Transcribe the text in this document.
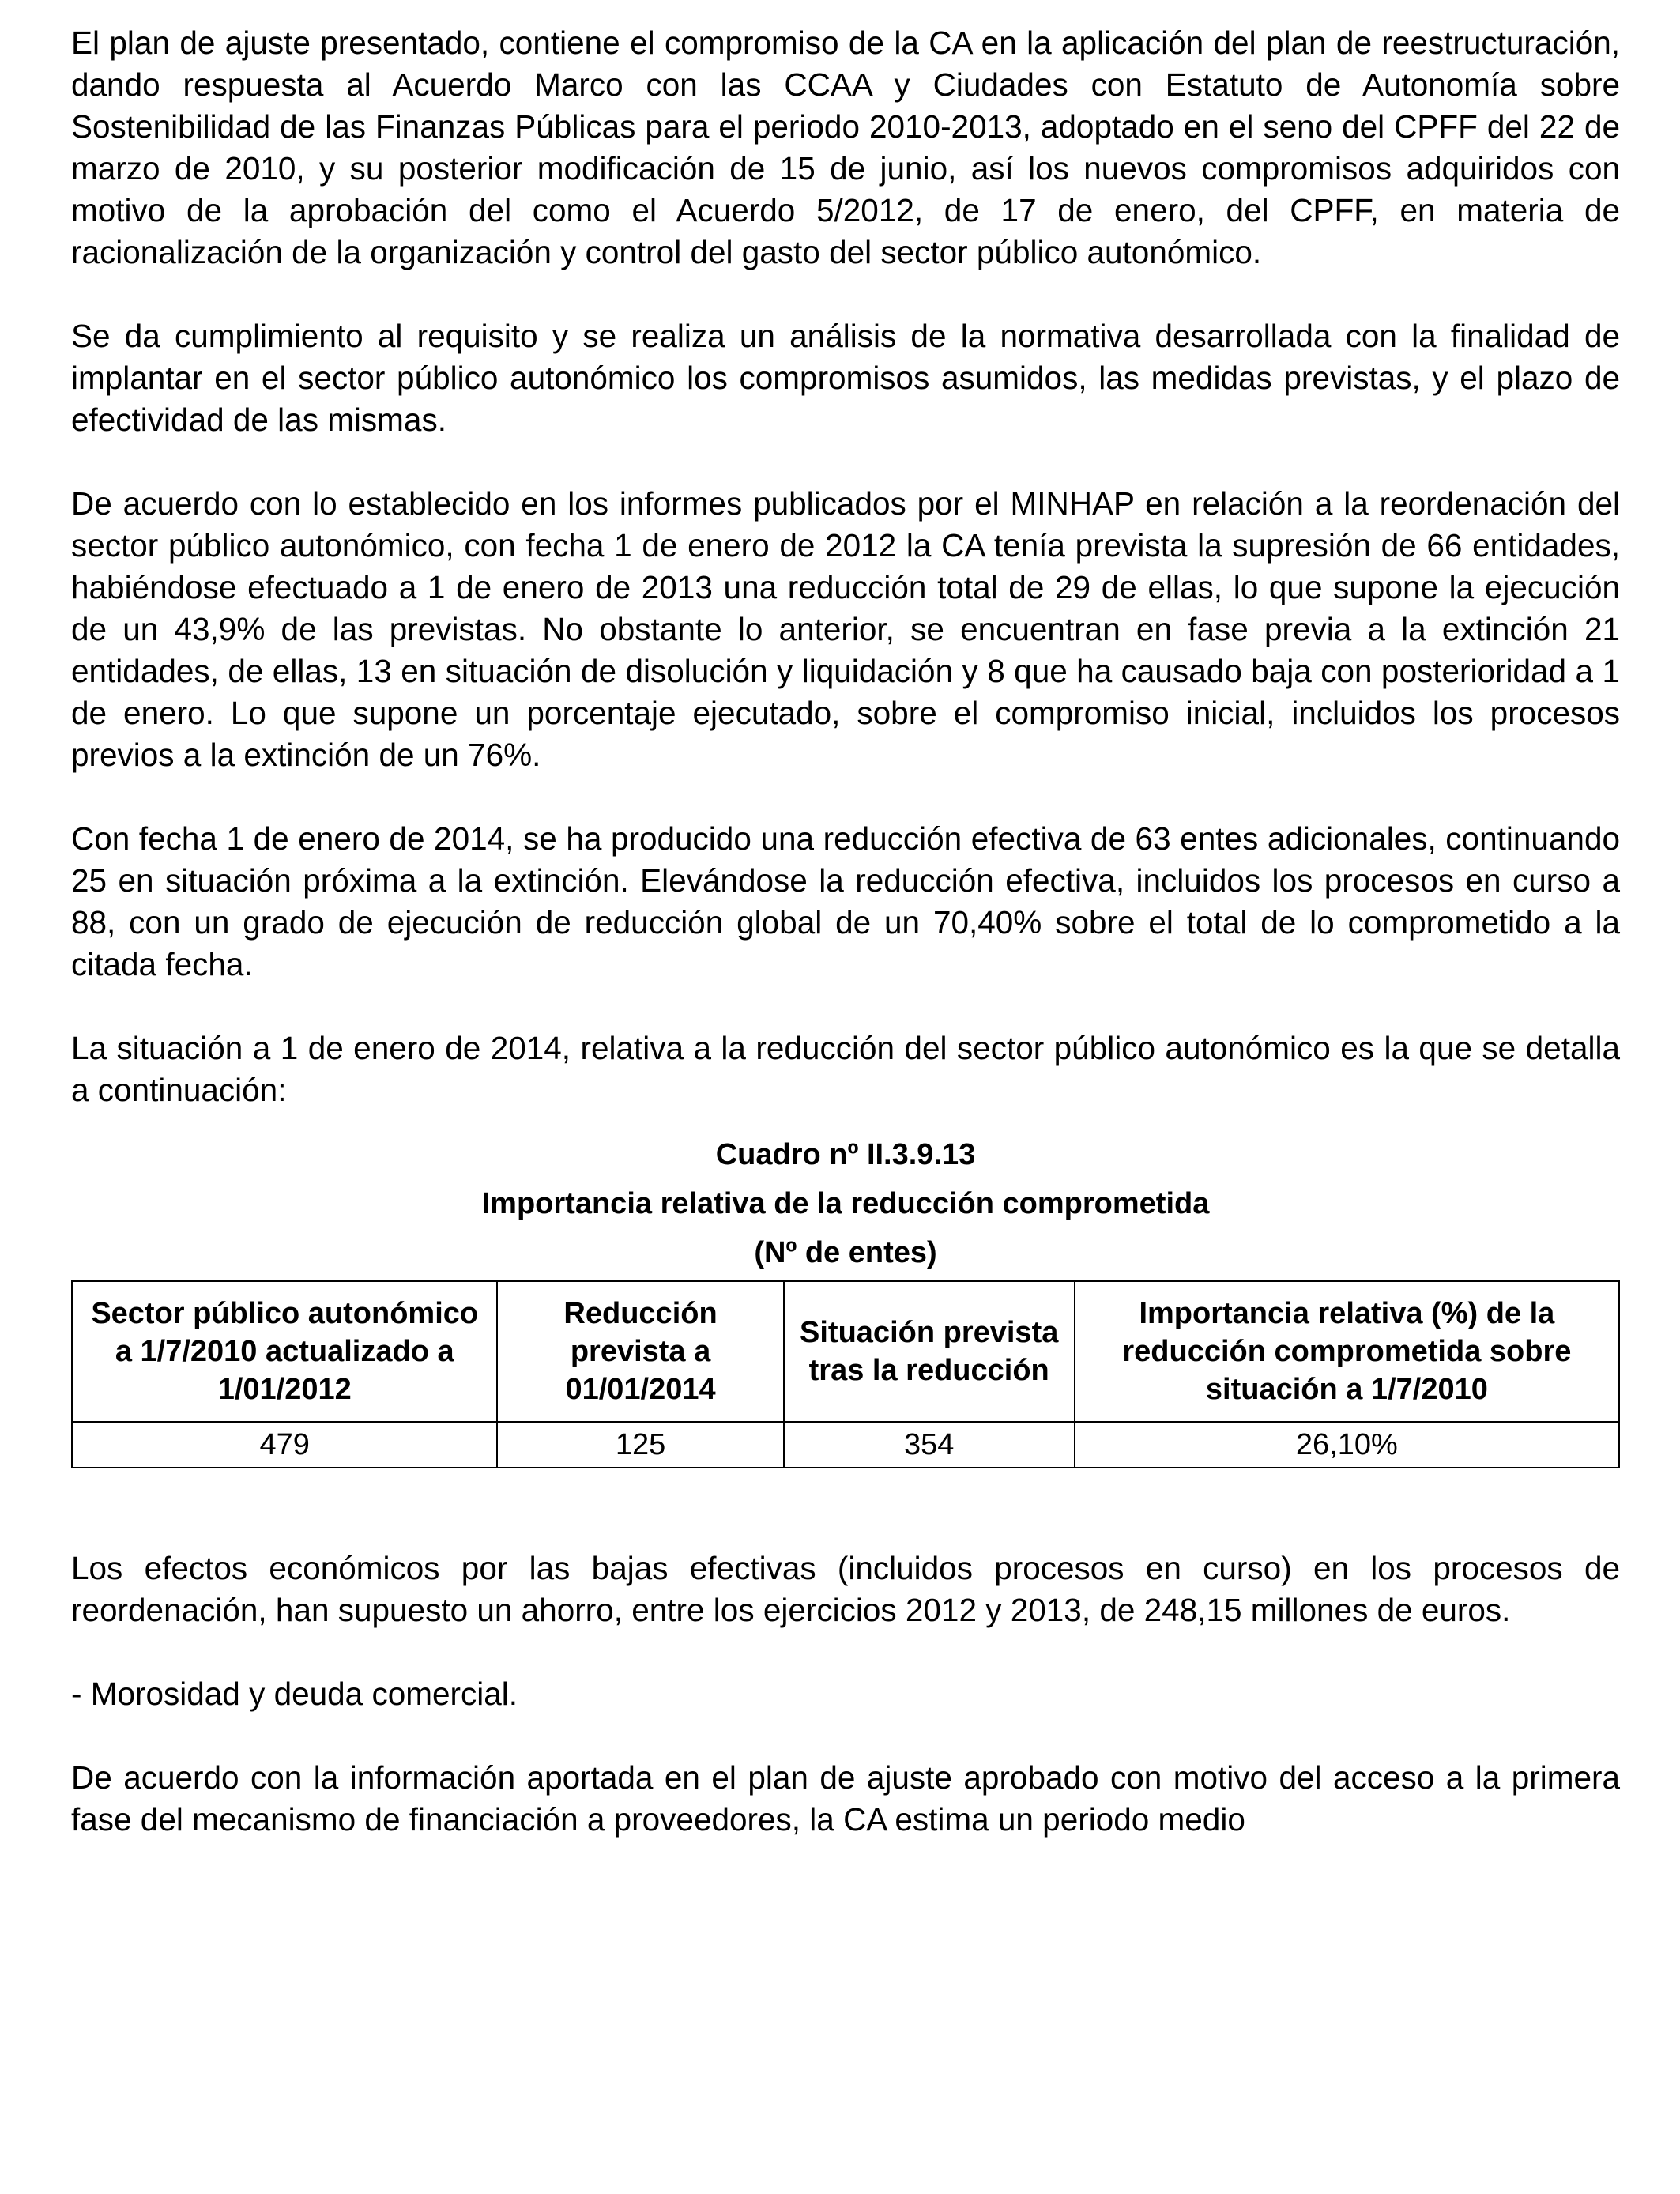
El plan de ajuste presentado, contiene el compromiso de la CA en la aplicación del plan de reestructuración, dando respuesta al Acuerdo Marco con las CCAA y Ciudades con Estatuto de Autonomía sobre Sostenibilidad de las Finanzas Públicas para el periodo 2010-2013, adoptado en el seno del CPFF del 22 de marzo de 2010, y su posterior modificación de 15 de junio, así los nuevos compromisos adquiridos con motivo de la aprobación del como el Acuerdo 5/2012, de 17 de enero, del CPFF, en materia de racionalización de la organización y control del gasto del sector público autonómico.

Se da cumplimiento al requisito y se realiza un análisis de la normativa desarrollada con la finalidad de implantar en el sector público autonómico los compromisos asumidos, las medidas previstas, y el plazo de efectividad de las mismas.

De acuerdo con lo establecido en los informes publicados por el MINHAP en relación a la reordenación del sector público autonómico, con fecha 1 de enero de 2012 la CA tenía prevista la supresión de 66 entidades, habiéndose efectuado a 1 de enero de 2013 una reducción total de 29 de ellas, lo que supone la ejecución de un 43,9% de las previstas. No obstante lo anterior, se encuentran en fase previa a la extinción 21 entidades, de ellas, 13 en situación de disolución y liquidación y 8 que ha causado baja con posterioridad a 1 de enero. Lo que supone un porcentaje ejecutado, sobre el compromiso inicial, incluidos los procesos previos a la extinción de un 76%.

Con fecha 1 de enero de 2014, se ha producido una reducción efectiva de 63 entes adicionales, continuando 25 en situación próxima a la extinción. Elevándose la reducción efectiva, incluidos los procesos en curso a 88, con un grado de ejecución de reducción global de un 70,40% sobre el total de lo comprometido a la citada fecha.

La situación a 1 de enero de 2014, relativa a la reducción del sector público autonómico es la que se detalla a continuación:

Cuadro nº II.3.9.13

Importancia relativa de la reducción comprometida

(Nº de entes)

Sector público autonómico a 1/7/2010 actualizado a 1/01/2012	Reducción prevista a 01/01/2014	Situación prevista tras la reducción	Importancia relativa (%) de la reducción comprometida sobre situación a 1/7/2010
479	125	354	26,10%

Los efectos económicos por las bajas efectivas (incluidos procesos en curso) en los procesos de reordenación, han supuesto un ahorro, entre los ejercicios 2012 y 2013, de 248,15 millones de euros.

- Morosidad y deuda comercial.

De acuerdo con la información aportada en el plan de ajuste aprobado con motivo del acceso a la primera fase del mecanismo de financiación a proveedores, la CA estima un periodo medio
